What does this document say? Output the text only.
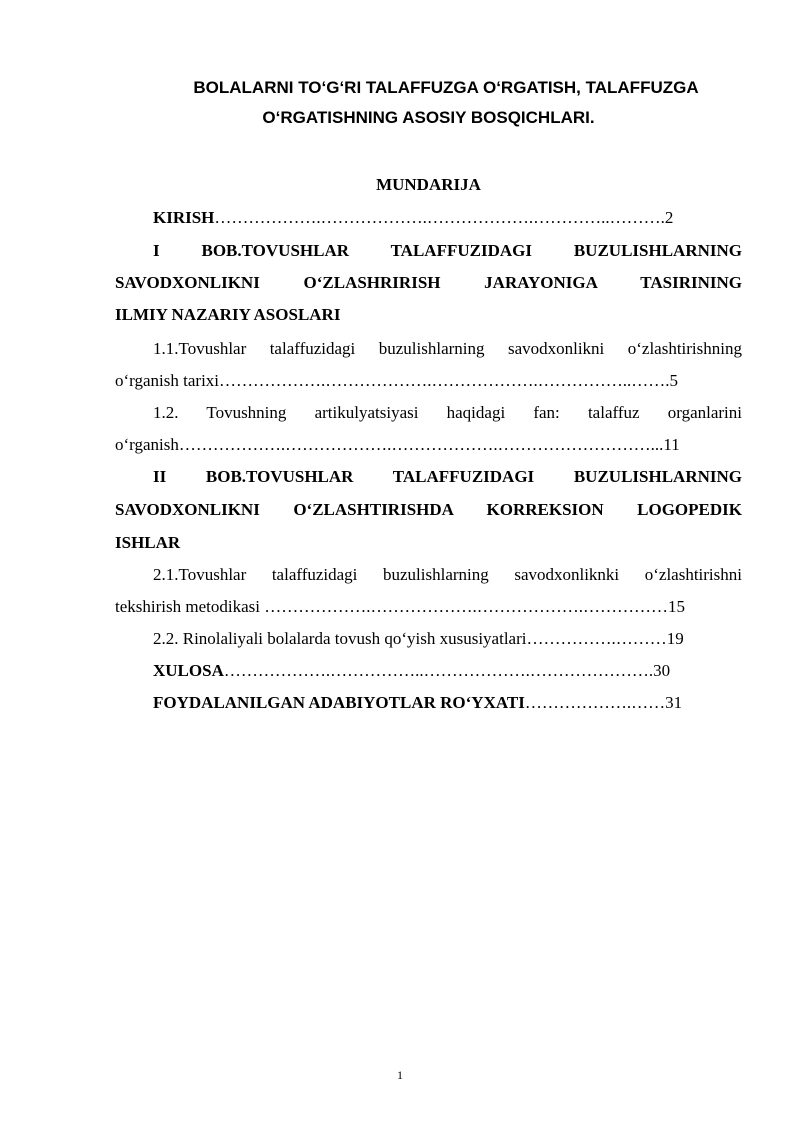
BOLALARNI TO‘G‘RI TALAFFUZGA O‘RGATISH, TALAFFUZGA
O‘RGATISHNING ASOSIY BOSQICHLARI.
MUNDARIJA
KIRISH……………….……………….……………….…………..……….2
I BOB.TOVUSHLAR TALAFFUZIDAGI BUZULISHLARNING
SAVODXONLIKNI O‘ZLASHRIRISH JARAYONIGA TASIRINING
ILMIY NAZARIY ASOSLARI
1.1.Tovushlar talaffuzidagi buzulishlarning savodxonlikni o‘zlashtirishning
o‘rganish tarixi……………….……………….……………….……………..…….5
1.2. Tovushning artikulyatsiyasi haqidagi fan: talaffuz organlarini
o‘rganish……………….……………….……………….………………………...11
II BOB.TOVUSHLAR TALAFFUZIDAGI BUZULISHLARNING
SAVODXONLIKNI O‘ZLASHTIRISHDA KORREKSION LOGOPEDIK
ISHLAR
2.1.Tovushlar talaffuzidagi buzulishlarning savodxonliknki o‘zlashtirishni
tekshirish metodikasi ……………….……………….……………….……………15
2.2. Rinolaliyali bolalarda tovush qo‘yish xususiyatlari…………….………19
XULOSA……………….……………..……………….………………….30
FOYDALANILGAN ADABIYOTLAR RO‘YXATI……………….……31
1
